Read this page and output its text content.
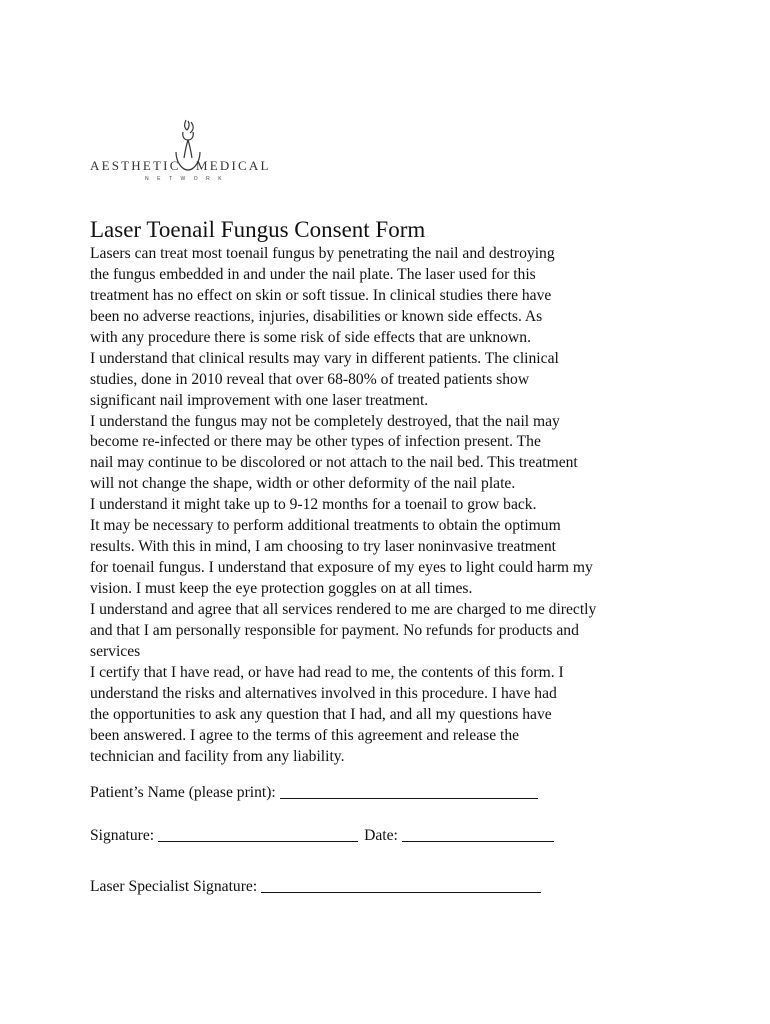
AESTHETIC MEDICAL
NETWORK
Laser Toenail Fungus Consent Form
Lasers can treat most toenail fungus by penetrating the nail and destroying
the fungus embedded in and under the nail plate. The laser used for this
treatment has no effect on skin or soft tissue. In clinical studies there have
been no adverse reactions, injuries, disabilities or known side effects. As
with any procedure there is some risk of side effects that are unknown.
I understand that clinical results may vary in different patients. The clinical
studies, done in 2010 reveal that over 68-80% of treated patients show
significant nail improvement with one laser treatment.
I understand the fungus may not be completely destroyed, that the nail may
become re-infected or there may be other types of infection present. The
nail may continue to be discolored or not attach to the nail bed. This treatment
will not change the shape, width or other deformity of the nail plate.
I understand it might take up to 9-12 months for a toenail to grow back.
It may be necessary to perform additional treatments to obtain the optimum
results. With this in mind, I am choosing to try laser noninvasive treatment
for toenail fungus. I understand that exposure of my eyes to light could harm my
vision. I must keep the eye protection goggles on at all times.
I understand and agree that all services rendered to me are charged to me directly
and that I am personally responsible for payment. No refunds for products and
services
I certify that I have read, or have had read to me, the contents of this form. I
understand the risks and alternatives involved in this procedure. I have had
the opportunities to ask any question that I had, and all my questions have
been answered. I agree to the terms of this agreement and release the
technician and facility from any liability.
Patient’s Name (please print):
Signature:	Date:
Laser Specialist Signature:
